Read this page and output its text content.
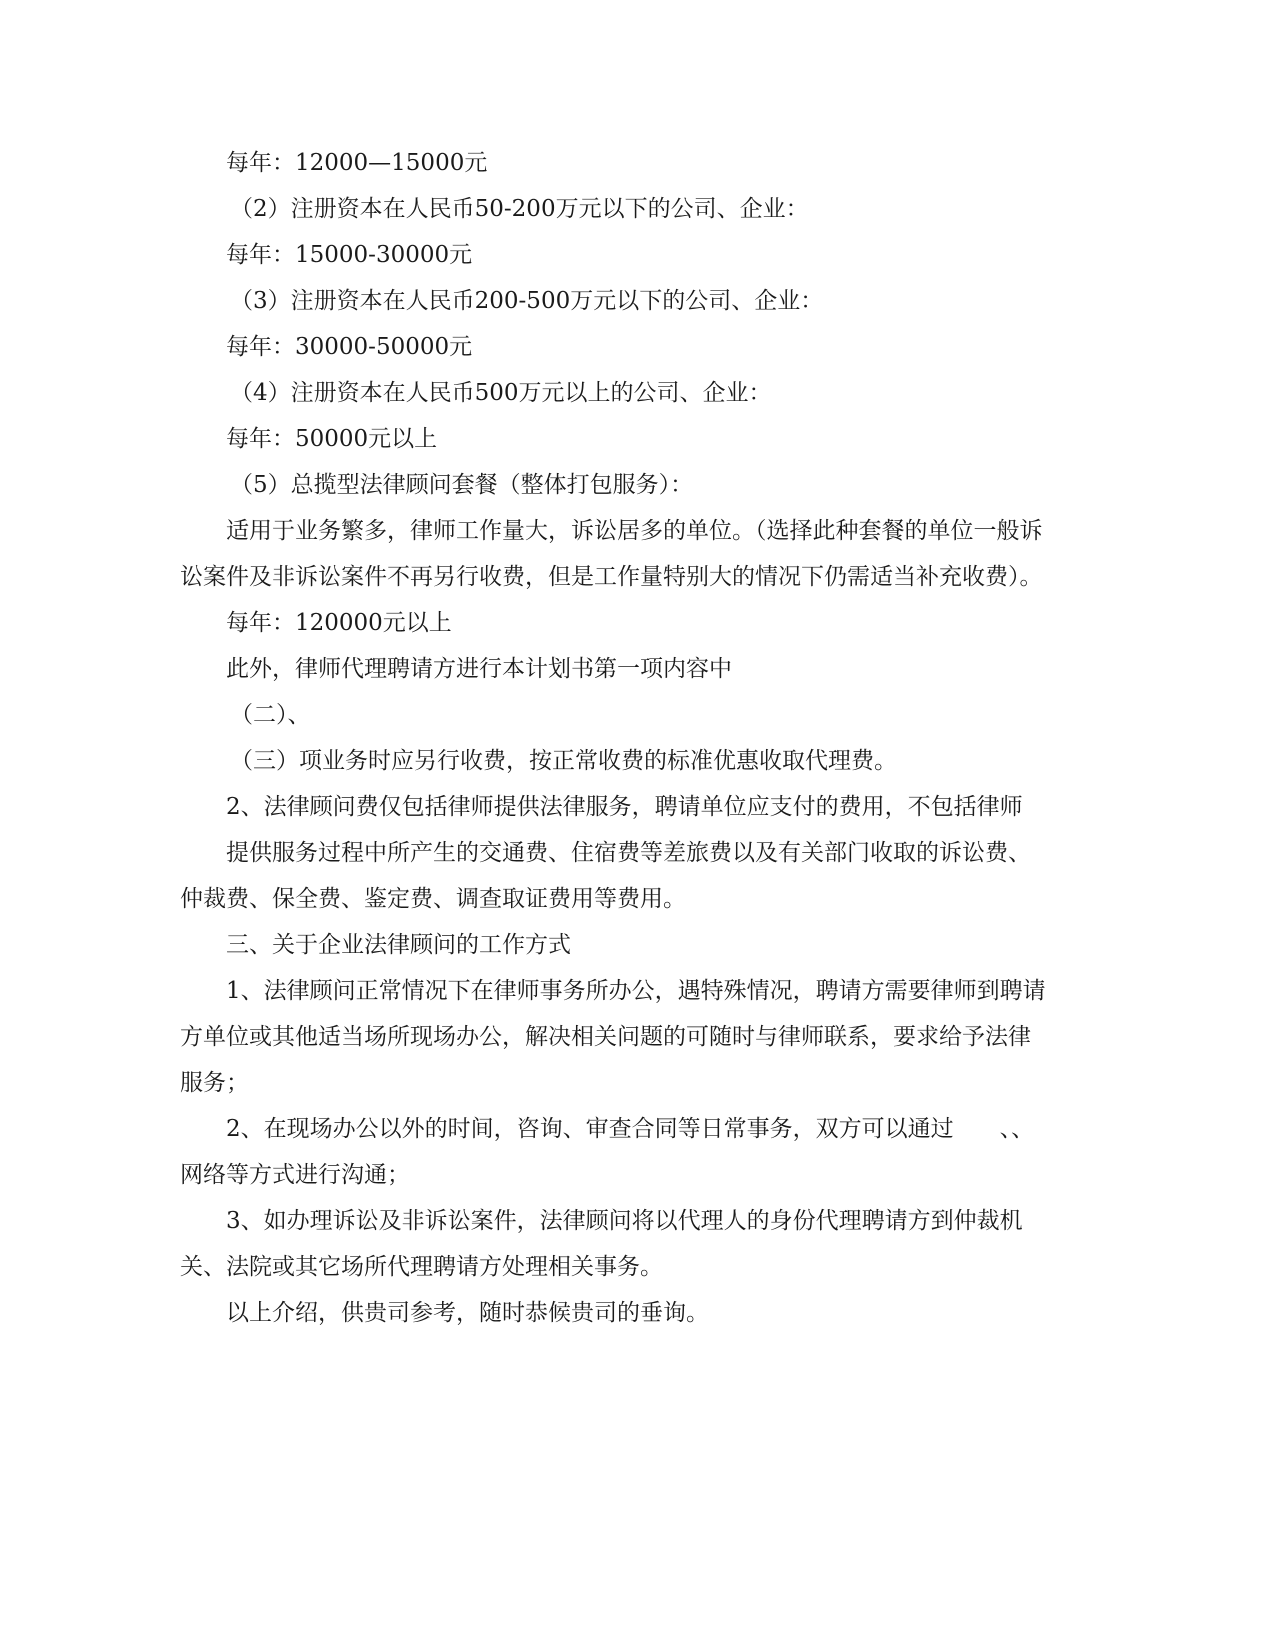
每年：12000—15000元

（2）注册资本在人民币50-200万元以下的公司、企业：

每年：15000-30000元

（3）注册资本在人民币200-500万元以下的公司、企业：

每年：30000-50000元

（4）注册资本在人民币500万元以上的公司、企业：

每年：50000元以上

（5）总揽型法律顾问套餐（整体打包服务）：

适用于业务繁多，律师工作量大，诉讼居多的单位。（选择此种套餐的单位一般诉讼案件及非诉讼案件不再另行收费，但是工作量特别大的情况下仍需适当补充收费）。

每年：120000元以上

此外，律师代理聘请方进行本计划书第一项内容中

（二）、

（三）项业务时应另行收费，按正常收费的标准优惠收取代理费。

2、法律顾问费仅包括律师提供法律服务，聘请单位应支付的费用，不包括律师

提供服务过程中所产生的交通费、住宿费等差旅费以及有关部门收取的诉讼费、仲裁费、保全费、鉴定费、调查取证费用等费用。

三、关于企业法律顾问的工作方式

1、法律顾问正常情况下在律师事务所办公，遇特殊情况，聘请方需要律师到聘请方单位或其他适当场所现场办公，解决相关问题的可随时与律师联系，要求给予法律服务；

2、在现场办公以外的时间，咨询、审查合同等日常事务，双方可以通过　　、、网络等方式进行沟通；

3、如办理诉讼及非诉讼案件，法律顾问将以代理人的身份代理聘请方到仲裁机关、法院或其它场所代理聘请方处理相关事务。

以上介绍，供贵司参考，随时恭候贵司的垂询。
